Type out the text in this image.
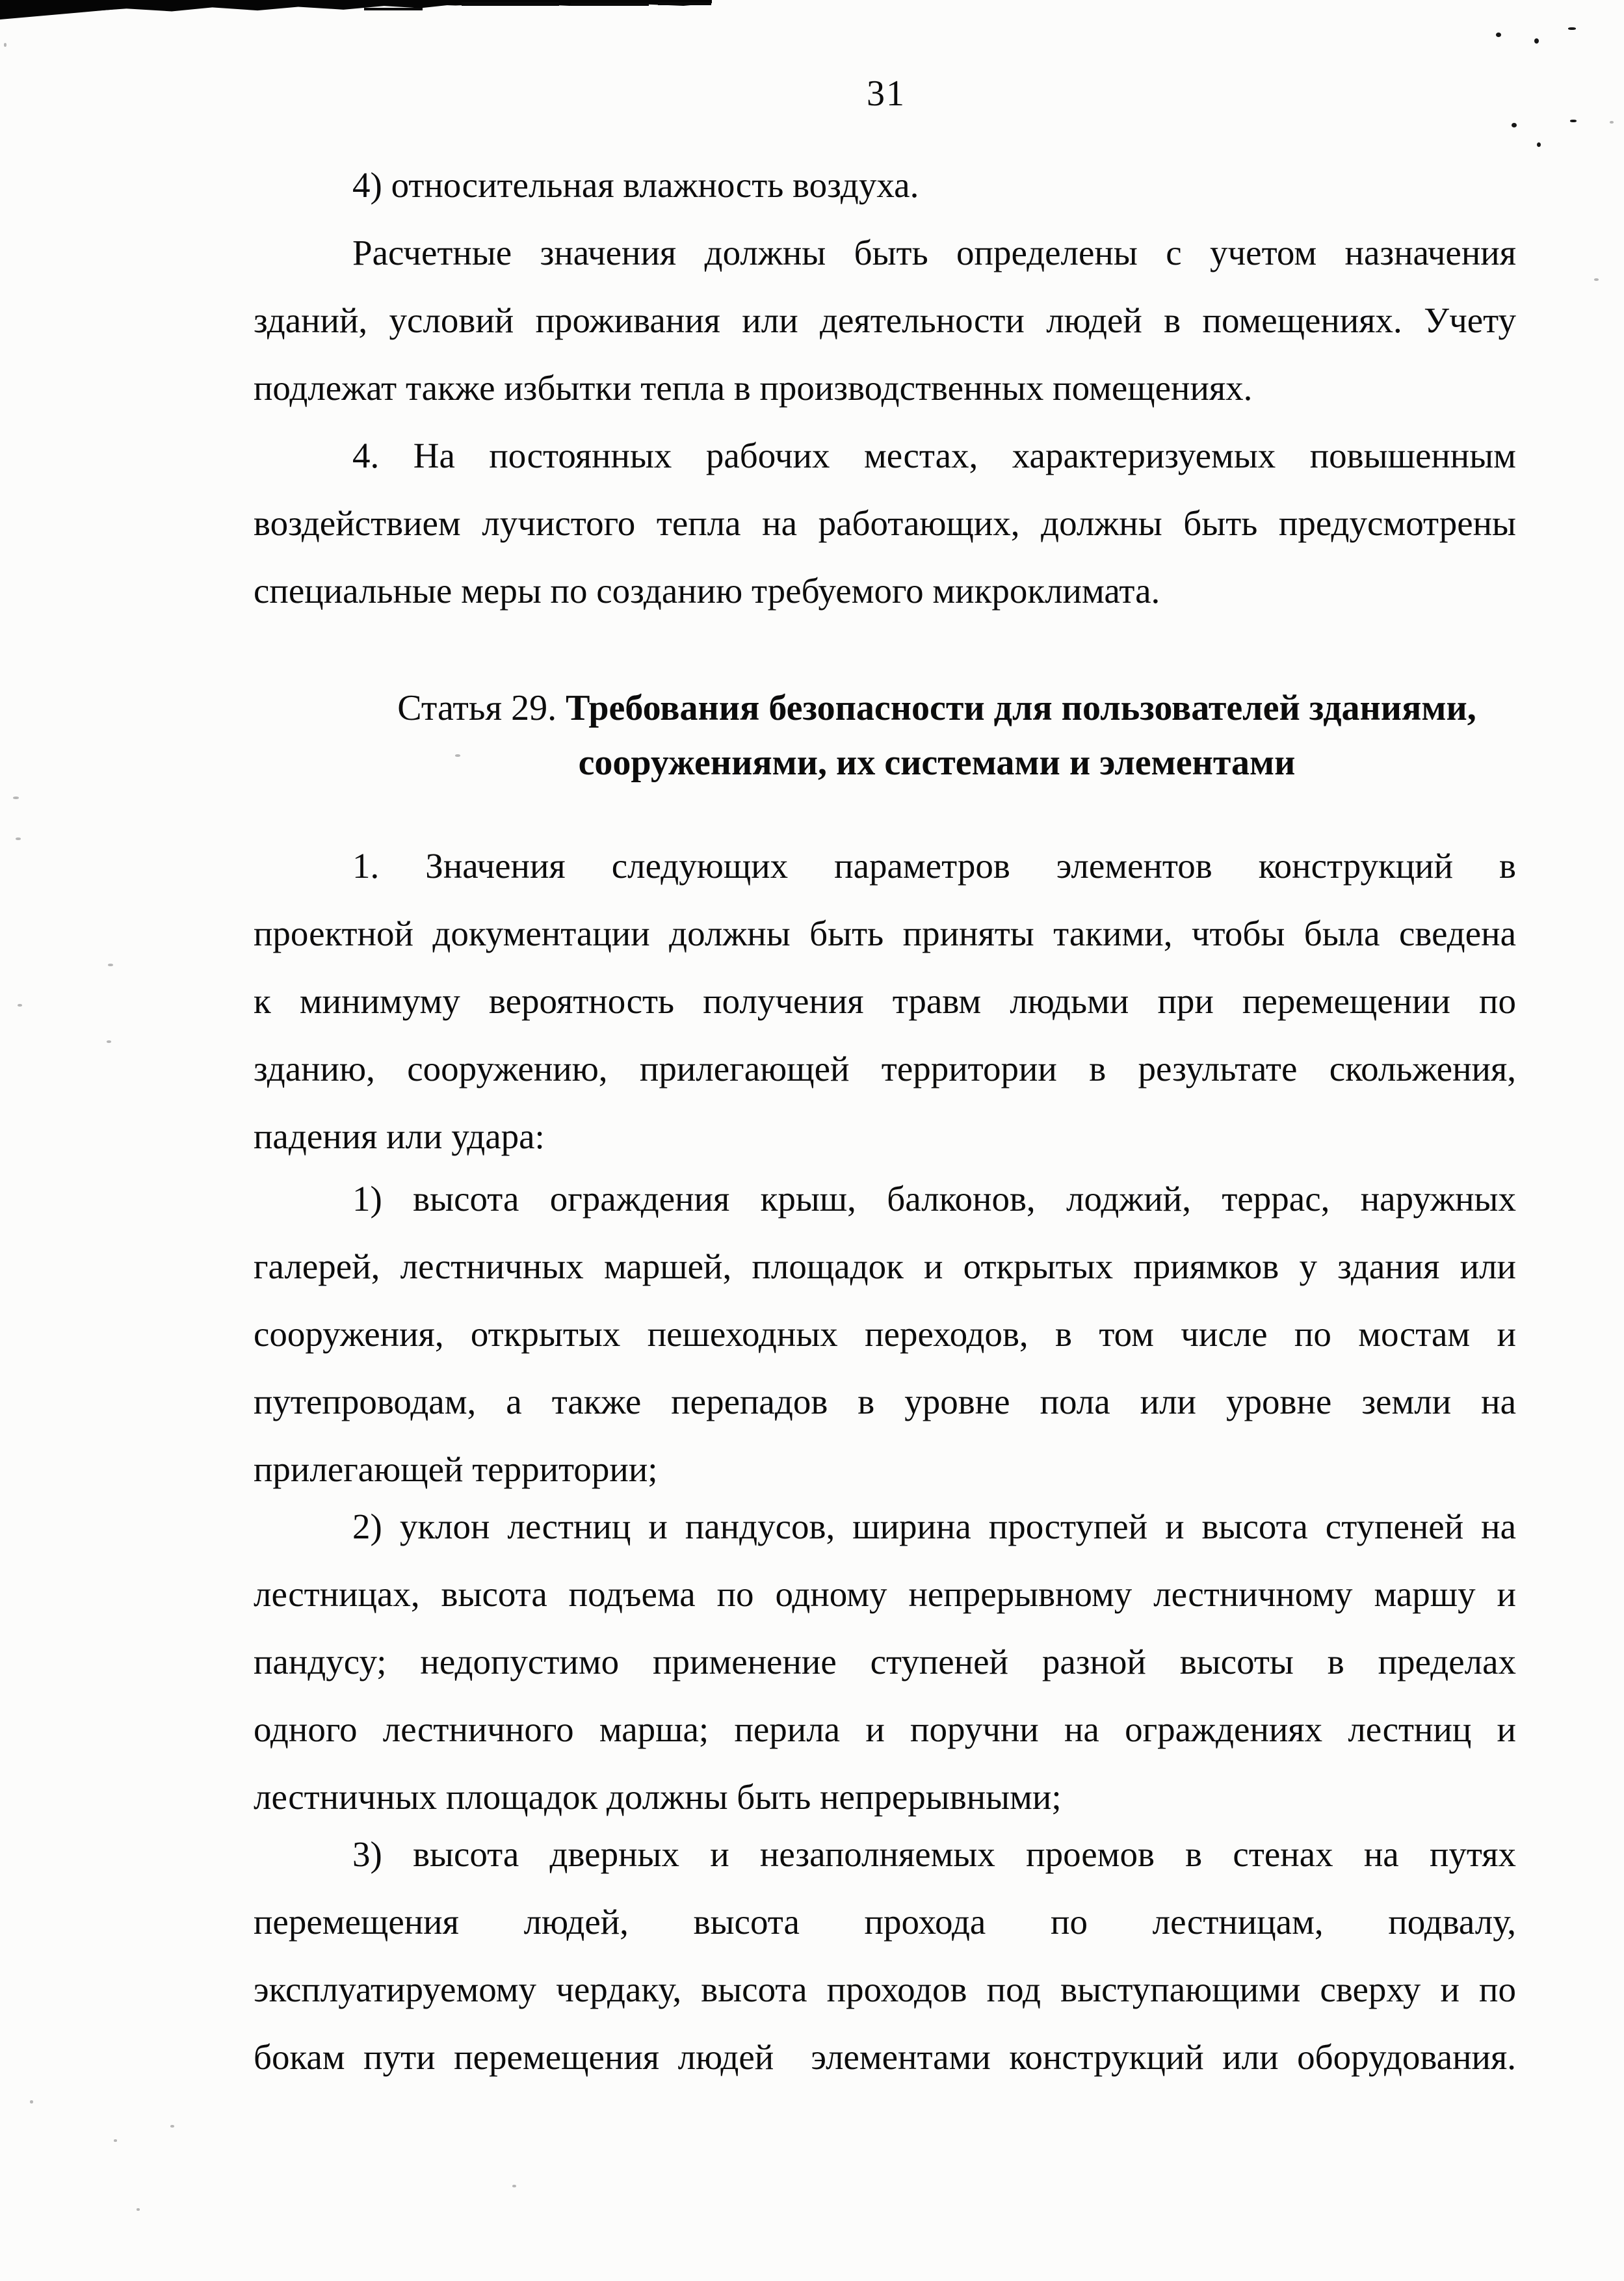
31
Статья 29. Требования безопасности для пользователей зданиями,
сооружениями, их системами и элементами
4) относительная влажность воздуха.
Расчетные значения должны быть определены с учетом назначения
зданий, условий проживания или деятельности людей в помещениях. Учету
подлежат также избытки тепла в производственных помещениях.
4. На постоянных рабочих местах, характеризуемых повышенным
воздействием лучистого тепла на работающих, должны быть предусмотрены
специальные меры по созданию требуемого микроклимата.
1. Значения следующих параметров элементов конструкций в
проектной документации должны быть приняты такими, чтобы была сведена
к минимуму вероятность получения травм людьми при перемещении по
зданию, сооружению, прилегающей территории в результате скольжения,
падения или удара:
1) высота ограждения крыш, балконов, лоджий, террас, наружных
галерей, лестничных маршей, площадок и открытых приямков у здания или
сооружения, открытых пешеходных переходов, в том числе по мостам и
путепроводам, а также перепадов в уровне пола или уровне земли на
прилегающей территории;
2) уклон лестниц и пандусов, ширина проступей и высота ступеней на
лестницах, высота подъема по одному непрерывному лестничному маршу и
пандусу; недопустимо применение ступеней разной высоты в пределах
одного лестничного марша; перила и поручни на ограждениях лестниц и
лестничных площадок должны быть непрерывными;
3) высота дверных и незаполняемых проемов в стенах на путях
перемещения людей, высота прохода по лестницам, подвалу,
эксплуатируемому чердаку, высота проходов под выступающими сверху и по
бокам пути перемещения людей  элементами конструкций или оборудования.
